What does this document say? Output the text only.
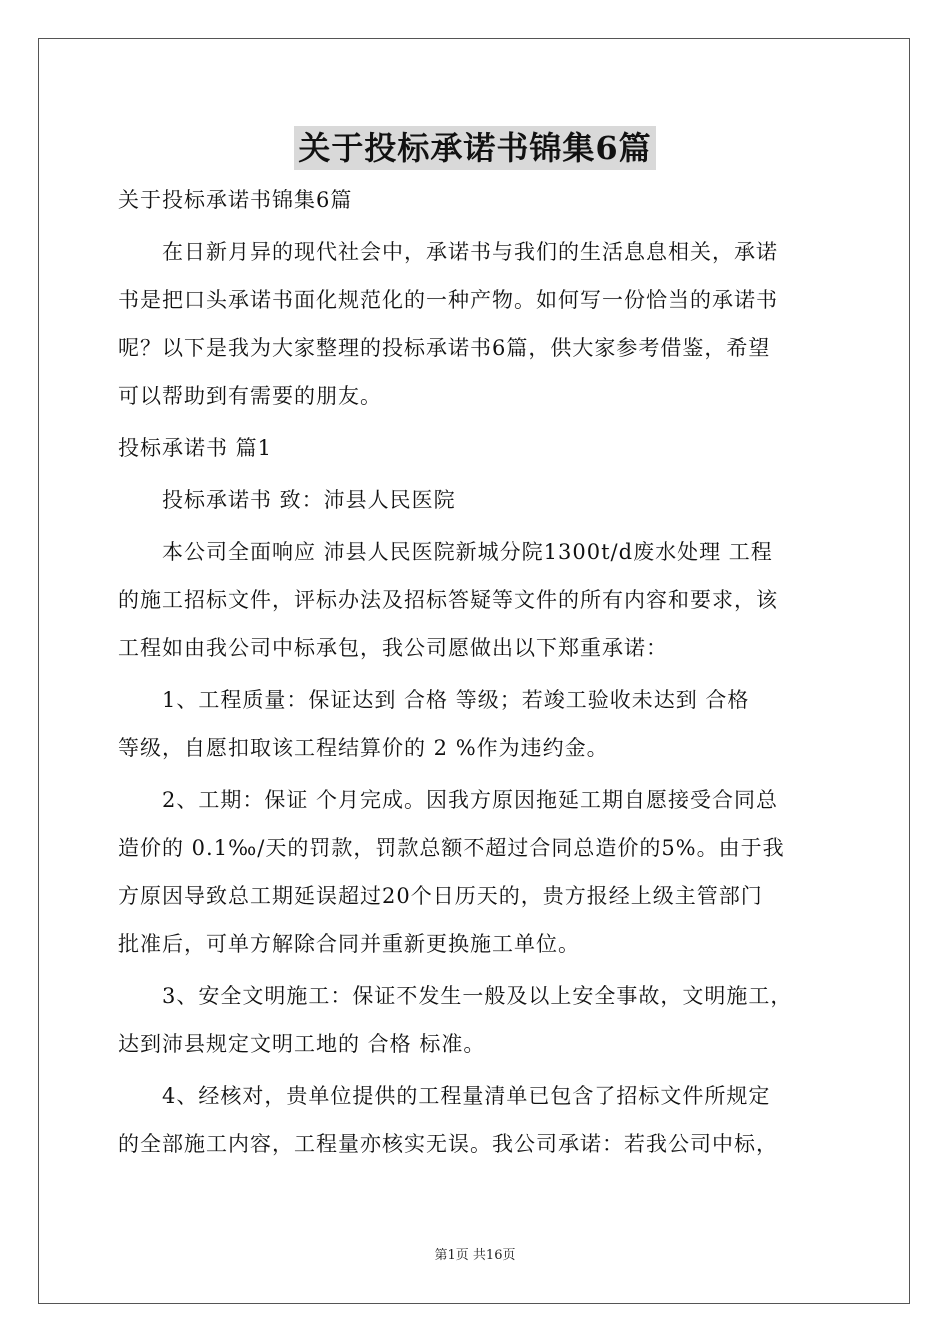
关于投标承诺书锦集6篇
关于投标承诺书锦集6篇
在日新月异的现代社会中，承诺书与我们的生活息息相关，承诺
书是把口头承诺书面化规范化的一种产物。如何写一份恰当的承诺书
呢？以下是我为大家整理的投标承诺书6篇，供大家参考借鉴，希望
可以帮助到有需要的朋友。
投标承诺书 篇1
投标承诺书 致：沛县人民医院
本公司全面响应 沛县人民医院新城分院1300t/d废水处理 工程
的施工招标文件，评标办法及招标答疑等文件的所有内容和要求，该
工程如由我公司中标承包，我公司愿做出以下郑重承诺：
1、工程质量：保证达到 合格 等级；若竣工验收未达到 合格
等级，自愿扣取该工程结算价的 2 %作为违约金。
2、工期：保证 个月完成。因我方原因拖延工期自愿接受合同总
造价的 0.1‰/天的罚款，罚款总额不超过合同总造价的5%。由于我
方原因导致总工期延误超过20个日历天的，贵方报经上级主管部门
批准后，可单方解除合同并重新更换施工单位。
3、安全文明施工：保证不发生一般及以上安全事故，文明施工，
达到沛县规定文明工地的 合格 标准。
4、经核对，贵单位提供的工程量清单已包含了招标文件所规定
的全部施工内容，工程量亦核实无误。我公司承诺：若我公司中标，
第1页 共16页
